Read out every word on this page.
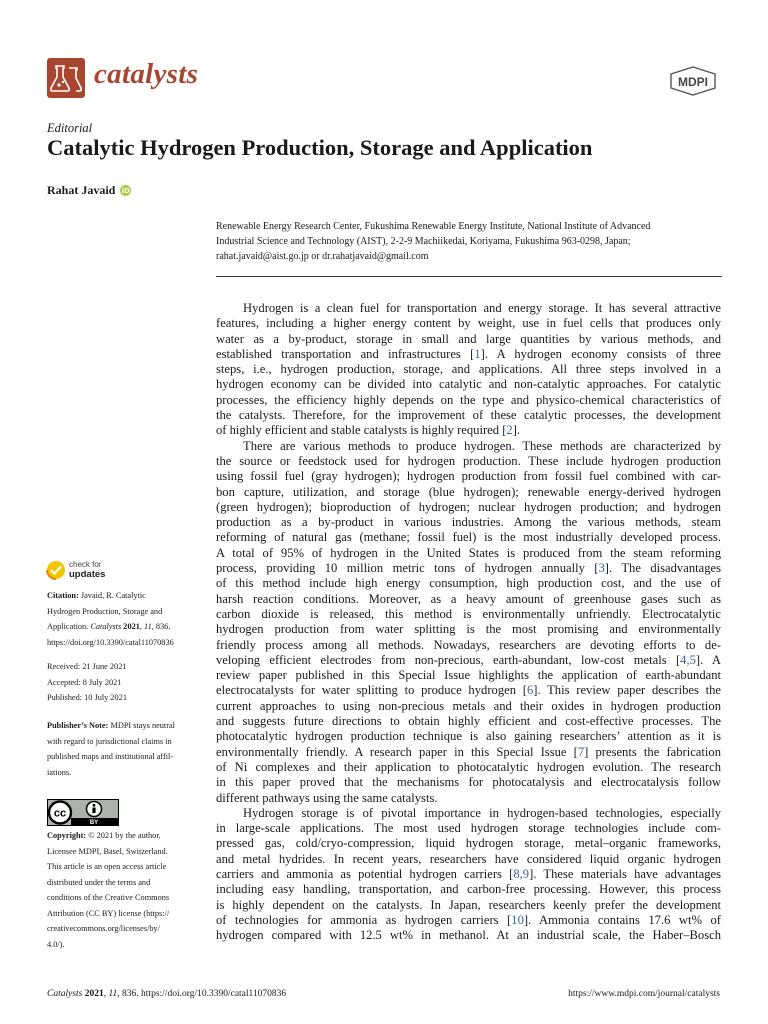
catalysts	MDPI
Editorial
Catalytic Hydrogen Production, Storage and Application
Rahat Javaid iD
Renewable Energy Research Center, Fukushima Renewable Energy Institute, National Institute of Advanced
Industrial Science and Technology (AIST), 2-2-9 Machiikedai, Koriyama, Fukushima 963-0298, Japan;
rahat.javaid@aist.go.jp or dr.rahatjavaid@gmail.com
Hydrogen is a clean fuel for transportation and energy storage. It has several attractive
features, including a higher energy content by weight, use in fuel cells that produces only
water as a by-product, storage in small and large quantities by various methods, and
established transportation and infrastructures [1]. A hydrogen economy consists of three
steps, i.e., hydrogen production, storage, and applications. All three steps involved in a
hydrogen economy can be divided into catalytic and non-catalytic approaches. For catalytic
processes, the efficiency highly depends on the type and physico-chemical characteristics of
the catalysts. Therefore, for the improvement of these catalytic processes, the development
of highly efficient and stable catalysts is highly required [2].
There are various methods to produce hydrogen. These methods are characterized by
the source or feedstock used for hydrogen production. These include hydrogen production
using fossil fuel (gray hydrogen); hydrogen production from fossil fuel combined with car-
bon capture, utilization, and storage (blue hydrogen); renewable energy-derived hydrogen
(green hydrogen); bioproduction of hydrogen; nuclear hydrogen production; and hydrogen
production as a by-product in various industries. Among the various methods, steam
reforming of natural gas (methane; fossil fuel) is the most industrially developed process.
A total of 95% of hydrogen in the United States is produced from the steam reforming
process, providing 10 million metric tons of hydrogen annually [3]. The disadvantages
of this method include high energy consumption, high production cost, and the use of
harsh reaction conditions. Moreover, as a heavy amount of greenhouse gases such as
carbon dioxide is released, this method is environmentally unfriendly. Electrocatalytic
hydrogen production from water splitting is the most promising and environmentally
friendly process among all methods. Nowadays, researchers are devoting efforts to de-
veloping efficient electrodes from non-precious, earth-abundant, low-cost metals [4,5]. A
review paper published in this Special Issue highlights the application of earth-abundant
electrocatalysts for water splitting to produce hydrogen [6]. This review paper describes the
current approaches to using non-precious metals and their oxides in hydrogen production
and suggests future directions to obtain highly efficient and cost-effective processes. The
photocatalytic hydrogen production technique is also gaining researchers’ attention as it is
environmentally friendly. A research paper in this Special Issue [7] presents the fabrication
of Ni complexes and their application to photocatalytic hydrogen evolution. The research
in this paper proved that the mechanisms for photocatalysis and electrocatalysis follow
different pathways using the same catalysts.
Hydrogen storage is of pivotal importance in hydrogen-based technologies, especially
in large-scale applications. The most used hydrogen storage technologies include com-
pressed gas, cold/cryo-compression, liquid hydrogen storage, metal–organic frameworks,
and metal hydrides. In recent years, researchers have considered liquid organic hydrogen
carriers and ammonia as potential hydrogen carriers [8,9]. These materials have advantages
including easy handling, transportation, and carbon-free processing. However, this process
is highly dependent on the catalysts. In Japan, researchers keenly prefer the development
of technologies for ammonia as hydrogen carriers [10]. Ammonia contains 17.6 wt% of
hydrogen compared with 12.5 wt% in methanol. At an industrial scale, the Haber–Bosch
check for
updates
Citation: Javaid, R. Catalytic
Hydrogen Production, Storage and
Application. Catalysts 2021, 11, 836.
https://doi.org/10.3390/catal11070836
Received: 21 June 2021
Accepted: 8 July 2021
Published: 10 July 2021
Publisher’s Note: MDPI stays neutral
with regard to jurisdictional claims in
published maps and institutional affil-
iations.
cc
BY
Copyright: © 2021 by the author.
Licensee MDPI, Basel, Switzerland.
This article is an open access article
distributed under the terms and
conditions of the Creative Commons
Attribution (CC BY) license (https://
creativecommons.org/licenses/by/
4.0/).
Catalysts 2021, 11, 836. https://doi.org/10.3390/catal11070836	https://www.mdpi.com/journal/catalysts
